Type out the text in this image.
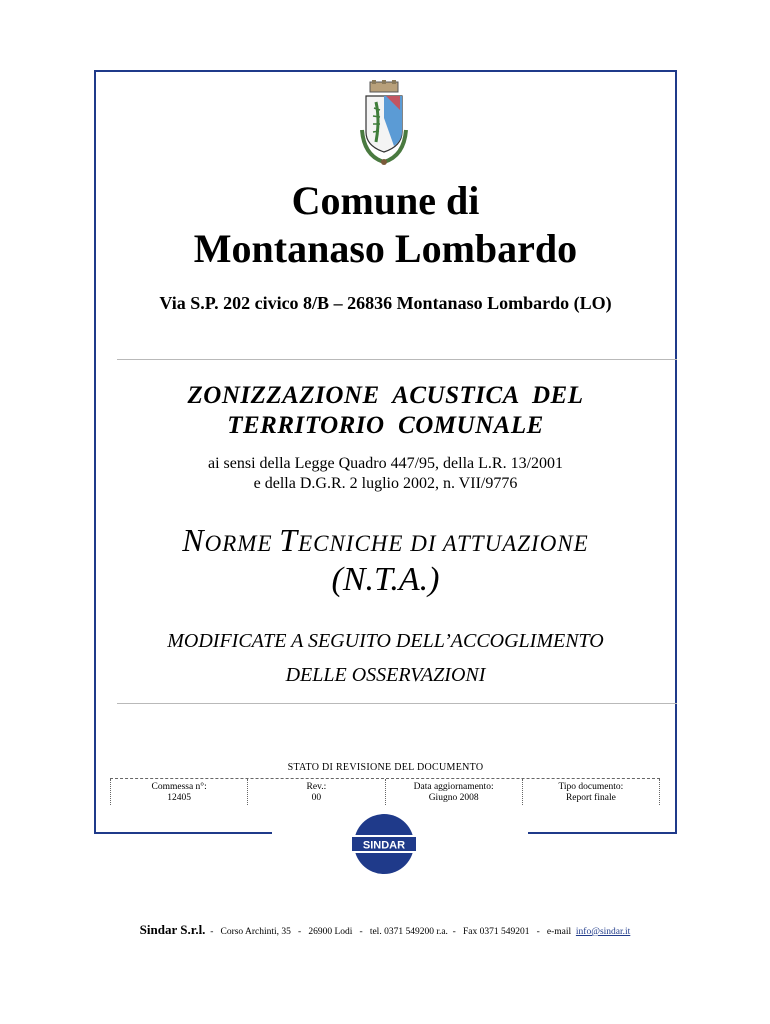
Comune di
Montanaso Lombardo
Via S.P. 202 civico 8/B – 26836 Montanaso Lombardo (LO)
ZONIZZAZIONE  ACUSTICA  DEL
TERRITORIO  COMUNALE
ai sensi della Legge Quadro 447/95, della L.R. 13/2001
e della D.G.R. 2 luglio 2002, n. VII/9776
NORME TECNICHE DI ATTUAZIONE
(N.T.A.)
MODIFICATE A SEGUITO DELL’ACCOGLIMENTO
DELLE OSSERVAZIONI
STATO DI REVISIONE DEL DOCUMENTO
Commessa n°:
12405
Rev.:
00
Data aggiornamento:
Giugno 2008
Tipo documento:
Report finale
SINDAR
Sindar S.r.l.  -   Corso Archinti, 35   -   26900 Lodi   -   tel. 0371 549200 r.a.  -   Fax 0371 549201   -   e-mail  info@sindar.it
